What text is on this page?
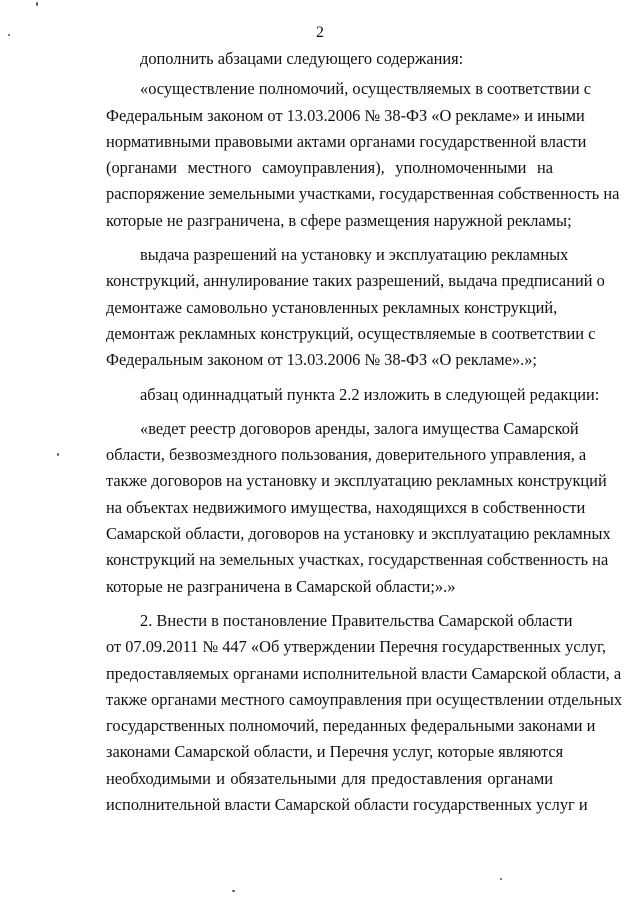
2
дополнить абзацами следующего содержания:
«осуществление полномочий, осуществляемых в соответствии с
Федеральным законом от 13.03.2006 № 38-ФЗ «О рекламе» и иными
нормативными правовыми актами органами государственной власти
(органами местного самоуправления), уполномоченными на
распоряжение земельными участками, государственная собственность на
которые не разграничена, в сфере размещения наружной рекламы;
выдача разрешений на установку и эксплуатацию рекламных
конструкций, аннулирование таких разрешений, выдача предписаний о
демонтаже самовольно установленных рекламных конструкций,
демонтаж рекламных конструкций, осуществляемые в соответствии с
Федеральным законом от 13.03.2006 № 38-ФЗ «О рекламе».»;
абзац одиннадцатый пункта 2.2 изложить в следующей редакции:
«ведет реестр договоров аренды, залога имущества Самарской
области, безвозмездного пользования, доверительного управления, а
также договоров на установку и эксплуатацию рекламных конструкций
на объектах недвижимого имущества, находящихся в собственности
Самарской области, договоров на установку и эксплуатацию рекламных
конструкций на земельных участках, государственная собственность на
которые не разграничена в Самарской области;».»
2. Внести в постановление Правительства Самарской области
от 07.09.2011 № 447 «Об утверждении Перечня государственных услуг,
предоставляемых органами исполнительной власти Самарской области, а
также органами местного самоуправления при осуществлении отдельных
государственных полномочий, переданных федеральными законами и
законами Самарской области, и Перечня услуг, которые являются
необходимыми и обязательными для предоставления органами
исполнительной власти Самарской области государственных услуг и
